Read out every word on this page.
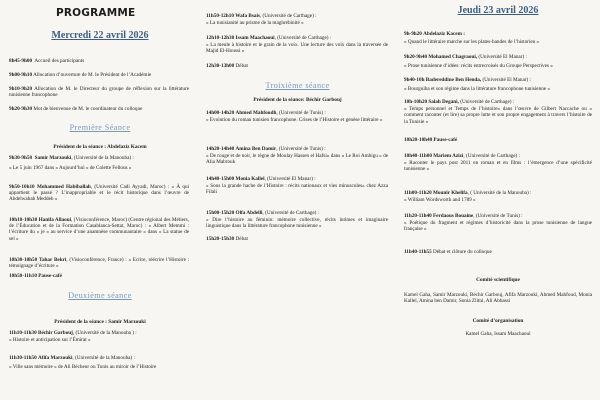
PROGRAMME
Mercredi 22 avril 2026
8h45-9h00 Accueil des participants
9h00-9h10 Allocation d’ouverture de M. le Président de l’Académie
9h10-9h20 Allocation de M. le Directeur du groupe de réflexion sur la littérature tunisienne francophone
9h20-9h30 Mot de bienvenue de M. le coordinateur du colloque
Première Séance
Président de la séance : Abdelaziz Kacem
9h30-9h50 Samir Marzouki, (Université de la Manouba) :
« Le 5 juin 1967 dans « Aujourd’hui » de Colette Fellous »
9h50-10h10 Mohammed Habiballah, (Université Cadi Ayyadi, Maroc) : « À qui appartient le passé ? L’inappropriable et le récit historique dans l’œuvre de Abdelwahab Meddeb »
10h10-10h30 Hanifa Allaoui, (Visioconférence, Maroc) (Centre régional des Métiers, de l’Éducation et de la Formation Casablanca-Settat, Maroc) : « Albert Memmi : l’écriture du « je » au service d’une anamnèse communautaire » dans « La statue de sel »
10h30-10h50 Tahar Bekri, (Visioconférence, France) : « Ecrire, réécrire l’Histoire : témoignage d’écriture »
10h50-11h10 Pause-café
Deuxième séance
Président de la séance : Samir Marzouki
11h10-11h30 Béchir Garbouj, (Université de la Manouba ) :
« Histoire et anticipation sur l’Émirat »
11h30-11h50 Afifa Marzouki, (Université de la Manouba) :
« Ville sans mémoire » de Ali Bécheur ou Tunis au miroir de l’Histoire
11h50-12h10 Wafa Bsais, (Université de Carthage) :
« La tunisianité au prisme de la maghrébinité »
12h10-12h30 Issam Maachaoui, (Université de Carthage) :
« La meule à histoire et le grain de la voix. Une lecture des voix dans la traversée de Majid El-Houssi »
12h30-13h00 Débat
Troixième séance
Président de la séance: Béchir Garbouj
14h00-14h20 Ahmed Mahfoudh, (Université de Tunis) :
« Evolution du roman tunisien francophone. Crises de l’Histoire et genèse littéraire »
14h20-14h40 Amina Ben Damir, (Université de Tunis) :
« De rouge et de noir, le règne de Moulay Hassen el Hafsi» dans « Le Roi Ambigu » de Alia Mabrouk
14h40-15h00 Monia Kallel, (Université El Manar) :
« Sous la grande hache de l’Histoire : récits nationaux et vies minuscules» chez Azza Filali
15h00-15h20 Olfa Abdelli, (Université de Carthage) :
« Dire l’histoire au féminin: mémoire collective, récits intimes et imaginaire linguistique dans la littérature francophone tunisienne »
15h20-15h30 Débat
Jeudi 23 avril 2026
9h-9h20 Abdelaziz Kacem :
« Quand le littéraire marche sur les plates-bandes de l’historien »
9h20-9h40 Mohamed Chagraoui, (Université El Manar) :
« Prose tunisienne d’idées: récits entrecroisés du Groupe Perspectives »
9h40-10h Badereddine Ben Henda, (Université El Manar) :
« Bourguiba et son régime dans la littérature francophone tunisienne »
10h-10h20 Salah Degani, (Université de Carthage) :
« Temps personnel et Temps de l’histoire» dans l’œuvre de Gilbert Naccache ou « comment raconter (et lire) sa propre lutte et son propre engagement à travers l’histoire de la Tunisie »
10h20-10h40 Pause-café
10h40-11h00 Mariem Azizi, (Université de Carthage) :
« Raconter le pays post 2011 en roman et en films : l’émergence d’une spécificité tunisienne »
11h00-11h20 Mounir Khelifa, ( Université de la Manouba) :
« William Wordsworth and 1789 »
11h20-11h40 Ferdaous Bouaine, (Université de Tunis) :
« Poétique du fragment et régimes d’historicité dans la prose tunisienne de langue française »
11h40-11h55 Débat et clôture du colloque
Comité scientifique
Kamel Gaha, Samir Marzouki, Béchir Garbouj, Afifa Marzouki, Ahmed Mahfoud, Monia Kallel, Amina ben Damir, Sonia Zlitni, Ali Abbassi
Comité d’organisation
Kamel Gaha, Issam Maachaoui
